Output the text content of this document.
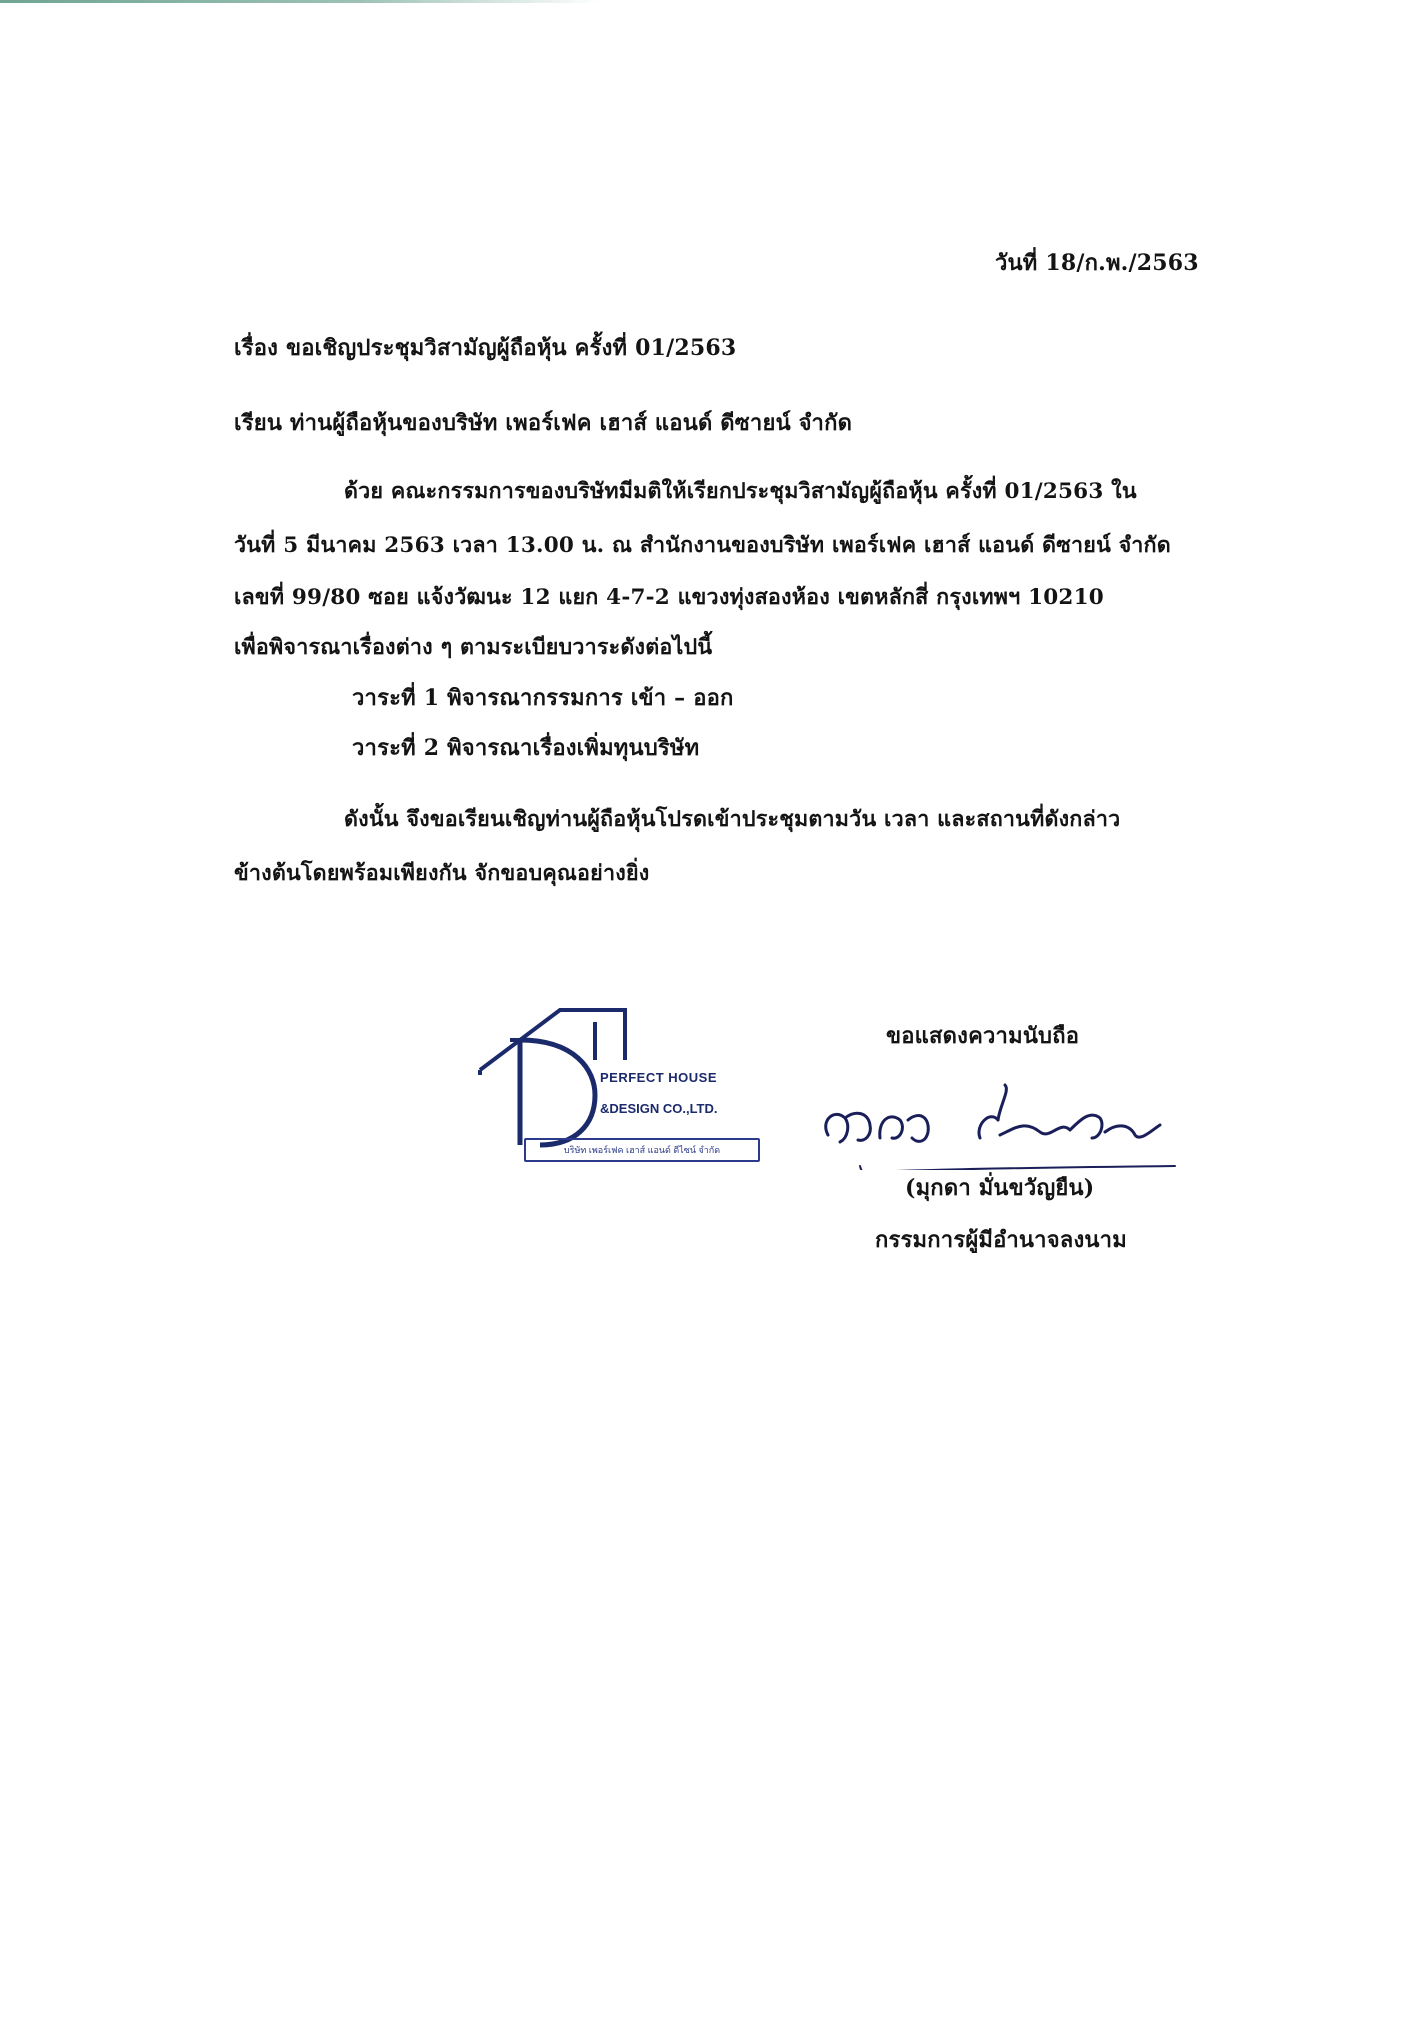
วันที่ 18/ก.พ./2563
เรื่อง ขอเชิญประชุมวิสามัญผู้ถือหุ้น ครั้งที่ 01/2563
เรียน ท่านผู้ถือหุ้นของบริษัท เพอร์เฟค เฮาส์ แอนด์ ดีซายน์ จำกัด
ด้วย คณะกรรมการของบริษัทมีมติให้เรียกประชุมวิสามัญผู้ถือหุ้น ครั้งที่ 01/2563 ใน
วันที่ 5 มีนาคม 2563 เวลา 13.00 น. ณ สำนักงานของบริษัท เพอร์เฟค เฮาส์ แอนด์ ดีซายน์ จำกัด
เลขที่ 99/80 ซอย แจ้งวัฒนะ 12 แยก 4-7-2 แขวงทุ่งสองห้อง เขตหลักสี่ กรุงเทพฯ 10210
เพื่อพิจารณาเรื่องต่าง ๆ ตามระเบียบวาระดังต่อไปนี้
วาระที่ 1 พิจารณากรรมการ เข้า – ออก
วาระที่ 2 พิจารณาเรื่องเพิ่มทุนบริษัท
ดังนั้น จึงขอเรียนเชิญท่านผู้ถือหุ้นโปรดเข้าประชุมตามวัน เวลา และสถานที่ดังกล่าว
ข้างต้นโดยพร้อมเพียงกัน จักขอบคุณอย่างยิ่ง
PERFECT HOUSE
&DESIGN CO.,LTD.
บริษัท เพอร์เฟค เฮาส์ แอนด์ ดีไซน์ จำกัด
ขอแสดงความนับถือ
(มุกดา มั่นขวัญยืน)
กรรมการผู้มีอำนาจลงนาม
